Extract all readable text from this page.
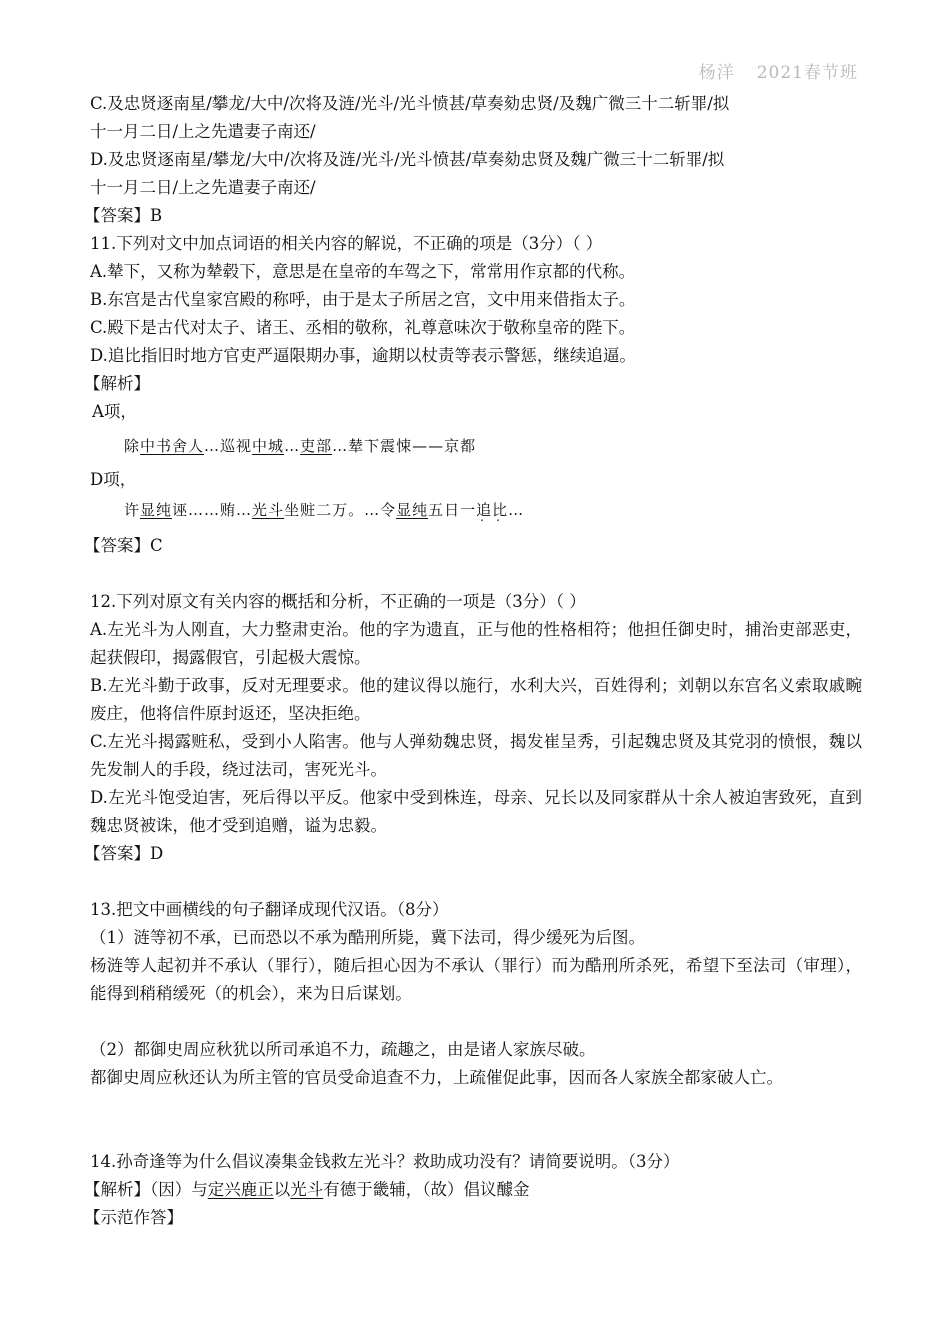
杨洋 2021春节班
C.及忠贤逐南星/攀龙/大中/次将及涟/光斗/光斗愤甚/草奏劾忠贤/及魏广微三十二斩罪/拟
十一月二日/上之先遣妻子南还/
D.及忠贤逐南星/攀龙/大中/次将及涟/光斗/光斗愤甚/草奏劾忠贤及魏广微三十二斩罪/拟
十一月二日/上之先遣妻子南还/
【答案】B
11.下列对文中加点词语的相关内容的解说，不正确的项是（3分）（ ）
A.辇下，又称为辇毂下，意思是在皇帝的车驾之下，常常用作京都的代称。
B.东宫是古代皇家宫殿的称呼，由于是太子所居之宫，文中用来借指太子。
C.殿下是古代对太子、诸王、丞相的敬称，礼尊意味次于敬称皇帝的陛下。
D.追比指旧时地方官吏严逼限期办事，逾期以杖责等表示警惩，继续追逼。
【解析】
A项，
除中书舍人…巡视中城…吏部…辇下震悚——京都
D项，
许显纯诬……贿…光斗坐赃二万。…令显纯五日一追比…
【答案】C
12.下列对原文有关内容的概括和分析，不正确的一项是（3分）（ ）
A.左光斗为人刚直，大力整肃吏治。他的字为遗直，正与他的性格相符；他担任御史时，捕治吏部恶吏，起获假印，揭露假官，引起极大震惊。
B.左光斗勤于政事，反对无理要求。他的建议得以施行，水利大兴，百姓得利；刘朝以东宫名义索取戚畹废庄，他将信件原封返还，坚决拒绝。
C.左光斗揭露赃私，受到小人陷害。他与人弹劾魏忠贤，揭发崔呈秀，引起魏忠贤及其党羽的愤恨，魏以先发制人的手段，绕过法司，害死光斗。
D.左光斗饱受迫害，死后得以平反。他家中受到株连，母亲、兄长以及同家群从十余人被迫害致死，直到魏忠贤被诛，他才受到追赠，谥为忠毅。
【答案】D
13.把文中画横线的句子翻译成现代汉语。（8分）
（1）涟等初不承，已而恐以不承为酷刑所毙，冀下法司，得少缓死为后图。
杨涟等人起初并不承认（罪行），随后担心因为不承认（罪行）而为酷刑所杀死，希望下至法司（审理），能得到稍稍缓死（的机会），来为日后谋划。
（2）都御史周应秋犹以所司承追不力，疏趣之，由是诸人家族尽破。
都御史周应秋还认为所主管的官员受命追查不力，上疏催促此事，因而各人家族全都家破人亡。
14.孙奇逢等为什么倡议凑集金钱救左光斗？救助成功没有？请简要说明。（3分）
【解析】（因）与定兴鹿正以光斗有德于畿辅，（故）倡议醵金
【示范作答】
